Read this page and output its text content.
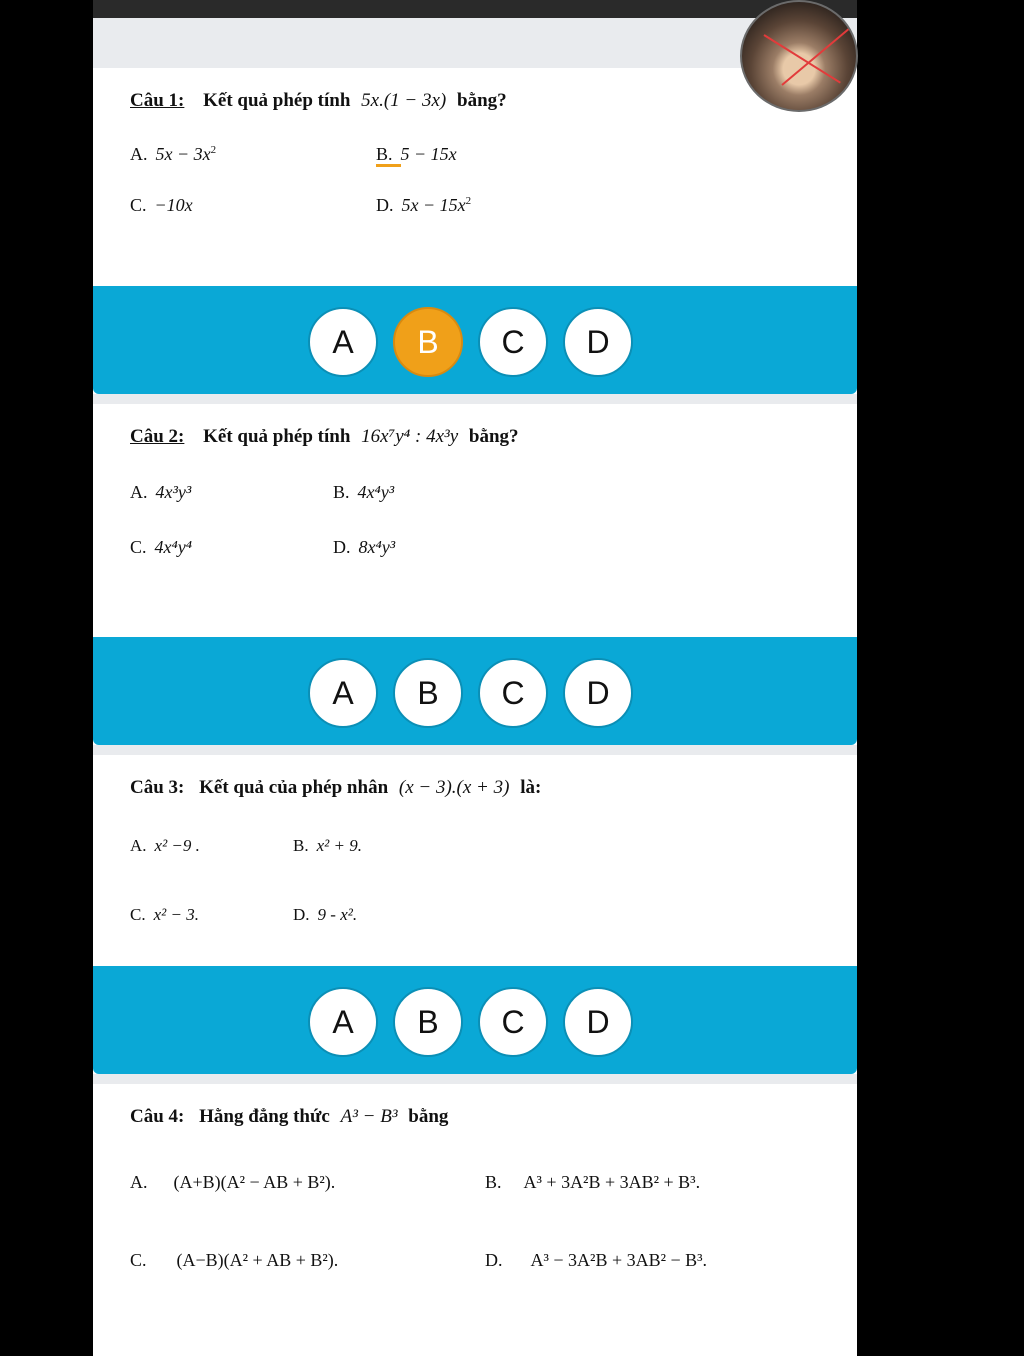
Câu 1: Kết quả phép tính 5x.(1 − 3x) bằng?
A. $5x - 3x^2$	B. 5 − 15x
C. −10x	D. $5x - 15x^2$
A	B	C	D
Câu 2: Kết quả phép tính 16x⁷y⁴ : 4x³y bằng?
A. 4x³y³	B. 4x⁴y³
C. 4x⁴y⁴	D. 8x⁴y³
A	B	C	D
Câu 3: Kết quả của phép nhân (x − 3).(x + 3) là:
A. x² −9 .	B. x² + 9.
C. x² − 3.	D. 9 - x².
A	B	C	D
Câu 4: Hằng đẳng thức A³ − B³ bằng
A. (A+B)(A² − AB + B²).	B. A³ + 3A²B + 3AB² + B³.
C. (A−B)(A² + AB + B²).	D. A³ − 3A²B + 3AB² − B³.
